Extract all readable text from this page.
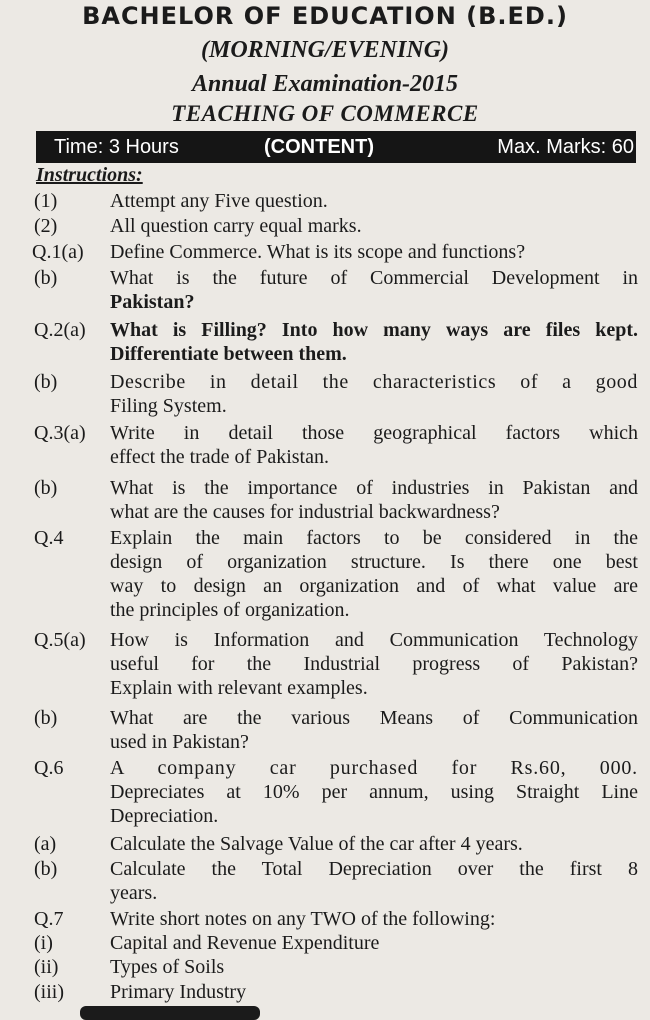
BACHELOR OF EDUCATION (B.ED.)
(MORNING/EVENING)
Annual Examination-2015
TEACHING OF COMMERCE
Time: 3 Hours	(CONTENT)	Max. Marks: 60
Instructions:
(1)	Attempt any Five question.
(2)	All question carry equal marks.
Q.1(a) Define Commerce. What is its scope and functions?
(b)	What is the future of Commercial Development in
Pakistan?
Q.2(a) What is Filling? Into how many ways are files kept.
Differentiate between them.
(b)	Describe in detail the characteristics of a good
Filing System.
Q.3(a) Write in detail those geographical factors which
effect the trade of Pakistan.
(b)	What is the importance of industries in Pakistan and
what are the causes for industrial backwardness?
Q.4 Explain the main factors to be considered in the
design of organization structure. Is there one best
way to design an organization and of what value are
the principles of organization.
Q.5(a) How is Information and Communication Technology
useful for the Industrial progress of Pakistan?
Explain with relevant examples.
(b)	What are the various Means of Communication
used in Pakistan?
Q.6 A company car purchased for Rs.60, 000.
Depreciates at 10% per annum, using Straight Line
Depreciation.
(a)	Calculate the Salvage Value of the car after 4 years.
(b)	Calculate the Total Depreciation over the first 8
years.
Q.7 Write short notes on any TWO of the following:
(i)	Capital and Revenue Expenditure
(ii)	Types of Soils
(iii) Primary Industry
